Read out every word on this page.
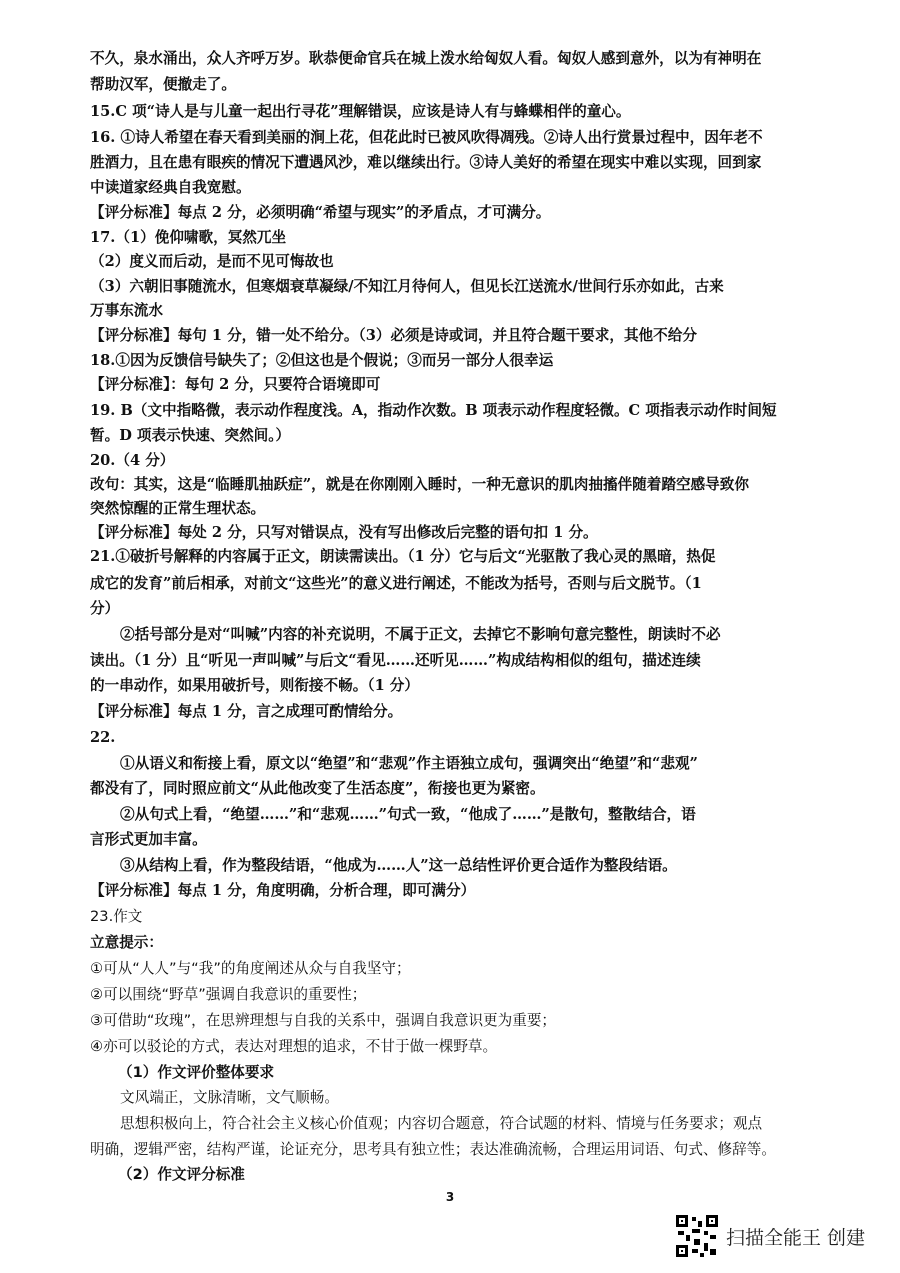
不久，泉水涌出，众人齐呼万岁。耿恭便命官兵在城上泼水给匈奴人看。匈奴人感到意外，以为有神明在
帮助汉军，便撤走了。
15.C 项“诗人是与儿童一起出行寻花”理解错误，应该是诗人有与蜂蝶相伴的童心。
16. ①诗人希望在春天看到美丽的涧上花，但花此时已被风吹得凋残。②诗人出行赏景过程中，因年老不
胜酒力，且在患有眼疾的情况下遭遇风沙，难以继续出行。③诗人美好的希望在现实中难以实现，回到家
中读道家经典自我宽慰。
【评分标准】每点 2 分，必须明确“希望与现实”的矛盾点，才可满分。
17.（1）俛仰啸歌，冥然兀坐
（2）度义而后动，是而不见可悔故也
（3）六朝旧事随流水，但寒烟衰草凝绿/不知江月待何人，但见长江送流水/世间行乐亦如此，古来
万事东流水
【评分标准】每句 1 分，错一处不给分。（3）必须是诗或词，并且符合题干要求，其他不给分
18.①因为反馈信号缺失了；②但这也是个假说；③而另一部分人很幸运
【评分标准】：每句 2 分，只要符合语境即可
19. B（文中指略微，表示动作程度浅。A，指动作次数。B 项表示动作程度轻微。C 项指表示动作时间短
暂。D 项表示快速、突然间。）
20.（4 分）
改句：其实，这是“临睡肌抽跃症”，就是在你刚刚入睡时，一种无意识的肌肉抽搐伴随着踏空感导致你
突然惊醒的正常生理状态。
【评分标准】每处 2 分，只写对错误点，没有写出修改后完整的语句扣 1 分。
21.①破折号解释的内容属于正文，朗读需读出。（1 分）它与后文“光驱散了我心灵的黑暗，热促
成它的发育”前后相承，对前文“这些光”的意义进行阐述，不能改为括号，否则与后文脱节。（1
分）
②括号部分是对“叫喊”内容的补充说明，不属于正文，去掉它不影响句意完整性，朗读时不必
读出。（1 分）且“听见一声叫喊”与后文“看见……还听见……”构成结构相似的组句，描述连续
的一串动作，如果用破折号，则衔接不畅。（1 分）
【评分标准】每点 1 分，言之成理可酌情给分。
22.
①从语义和衔接上看，原文以“绝望”和“悲观”作主语独立成句，强调突出“绝望”和“悲观”
都没有了，同时照应前文“从此他改变了生活态度”，衔接也更为紧密。
②从句式上看，“绝望……”和“悲观……”句式一致，“他成了……”是散句，整散结合，语
言形式更加丰富。
③从结构上看，作为整段结语，“他成为……人”这一总结性评价更合适作为整段结语。
【评分标准】每点 1 分，角度明确，分析合理，即可满分）
23.作文
立意提示：
①可从“人人”与“我”的角度阐述从众与自我坚守；
②可以围绕“野草”强调自我意识的重要性；
③可借助“玫瑰”，在思辨理想与自我的关系中，强调自我意识更为重要；
④亦可以驳论的方式，表达对理想的追求，不甘于做一棵野草。
（1）作文评价整体要求
文风端正，文脉清晰，文气顺畅。
思想积极向上，符合社会主义核心价值观；内容切合题意，符合试题的材料、情境与任务要求；观点
明确，逻辑严密，结构严谨，论证充分，思考具有独立性；表达准确流畅，合理运用词语、句式、修辞等。
（2）作文评分标准
3
扫描全能王 创建
